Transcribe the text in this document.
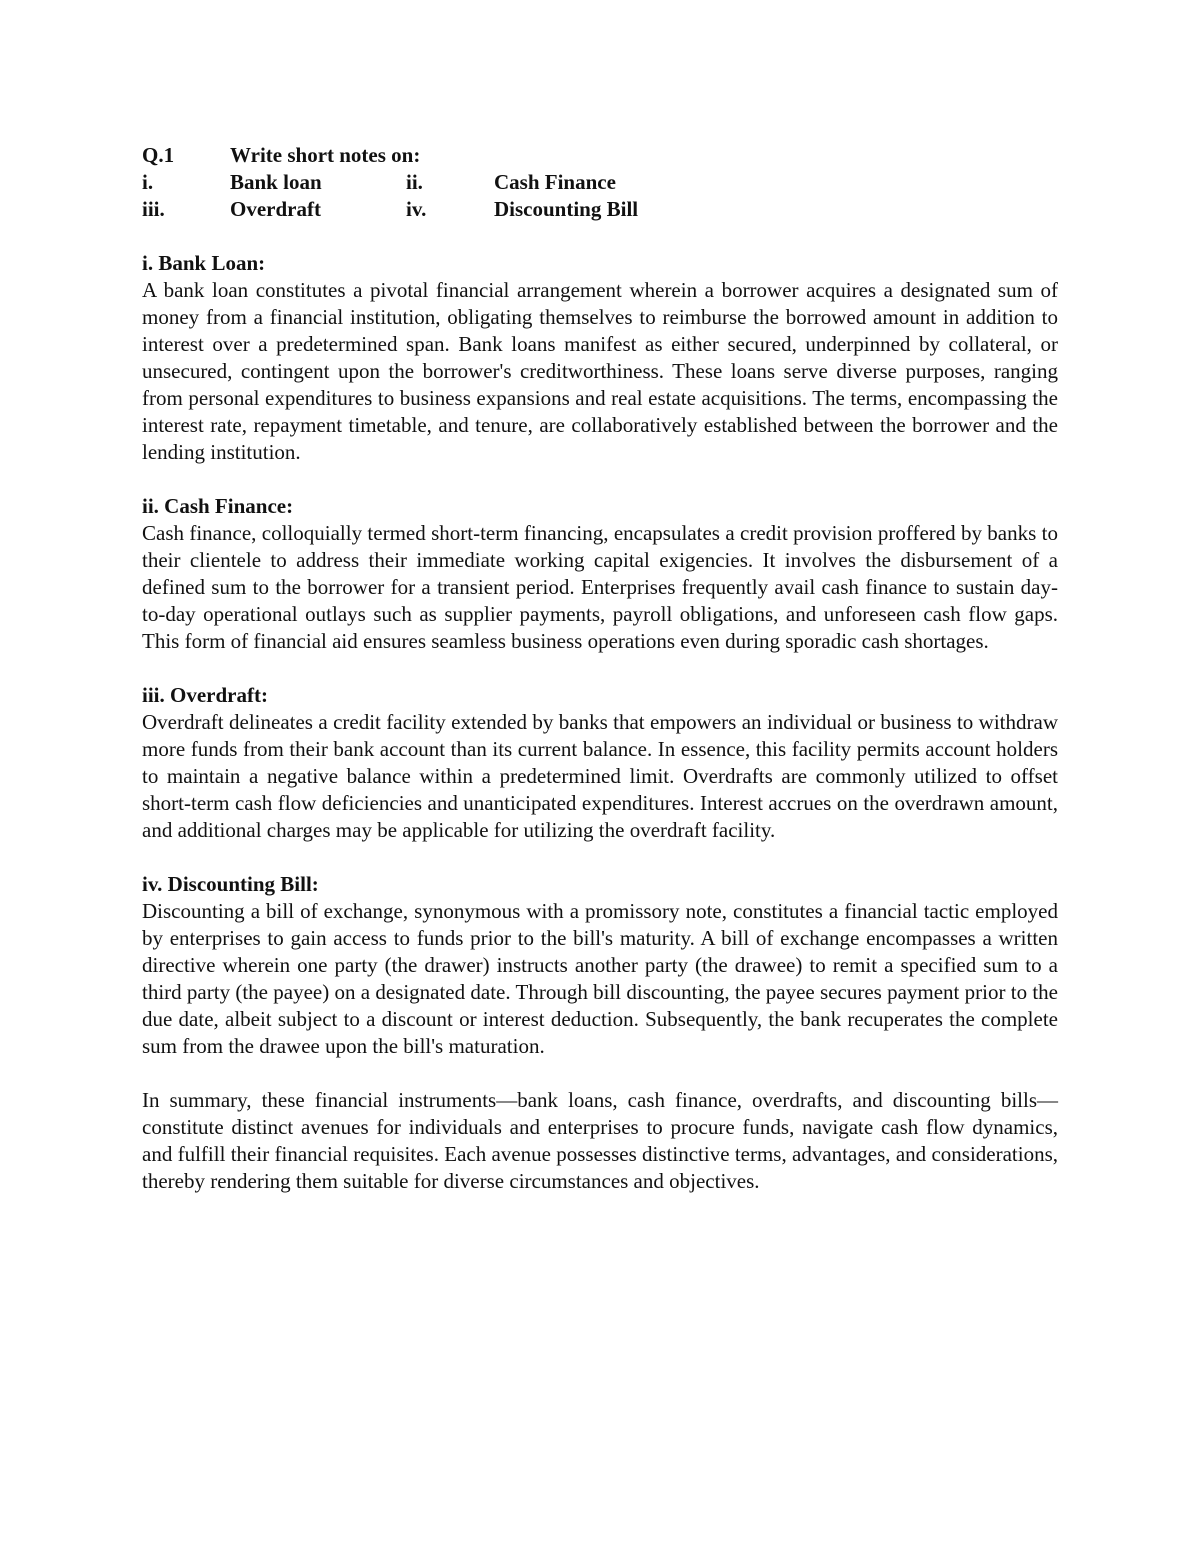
Q.1	Write short notes on:		
i.	Bank loan	ii.	Cash Finance
iii.	Overdraft	iv.	Discounting Bill

i. Bank Loan:

A bank loan constitutes a pivotal financial arrangement wherein a borrower acquires a designated sum of money from a financial institution, obligating themselves to reimburse the borrowed amount in addition to interest over a predetermined span. Bank loans manifest as either secured, underpinned by collateral, or unsecured, contingent upon the borrower's creditworthiness. These loans serve diverse purposes, ranging from personal expenditures to business expansions and real estate acquisitions. The terms, encompassing the interest rate, repayment timetable, and tenure, are collaboratively established between the borrower and the lending institution.

ii. Cash Finance:

Cash finance, colloquially termed short-term financing, encapsulates a credit provision proffered by banks to their clientele to address their immediate working capital exigencies. It involves the disbursement of a defined sum to the borrower for a transient period. Enterprises frequently avail cash finance to sustain day-to-day operational outlays such as supplier payments, payroll obligations, and unforeseen cash flow gaps. This form of financial aid ensures seamless business operations even during sporadic cash shortages.

iii. Overdraft:

Overdraft delineates a credit facility extended by banks that empowers an individual or business to withdraw more funds from their bank account than its current balance. In essence, this facility permits account holders to maintain a negative balance within a predetermined limit. Overdrafts are commonly utilized to offset short-term cash flow deficiencies and unanticipated expenditures. Interest accrues on the overdrawn amount, and additional charges may be applicable for utilizing the overdraft facility.

iv. Discounting Bill:

Discounting a bill of exchange, synonymous with a promissory note, constitutes a financial tactic employed by enterprises to gain access to funds prior to the bill's maturity. A bill of exchange encompasses a written directive wherein one party (the drawer) instructs another party (the drawee) to remit a specified sum to a third party (the payee) on a designated date. Through bill discounting, the payee secures payment prior to the due date, albeit subject to a discount or interest deduction. Subsequently, the bank recuperates the complete sum from the drawee upon the bill's maturation.

In summary, these financial instruments—bank loans, cash finance, overdrafts, and discounting bills—constitute distinct avenues for individuals and enterprises to procure funds, navigate cash flow dynamics, and fulfill their financial requisites. Each avenue possesses distinctive terms, advantages, and considerations, thereby rendering them suitable for diverse circumstances and objectives.
